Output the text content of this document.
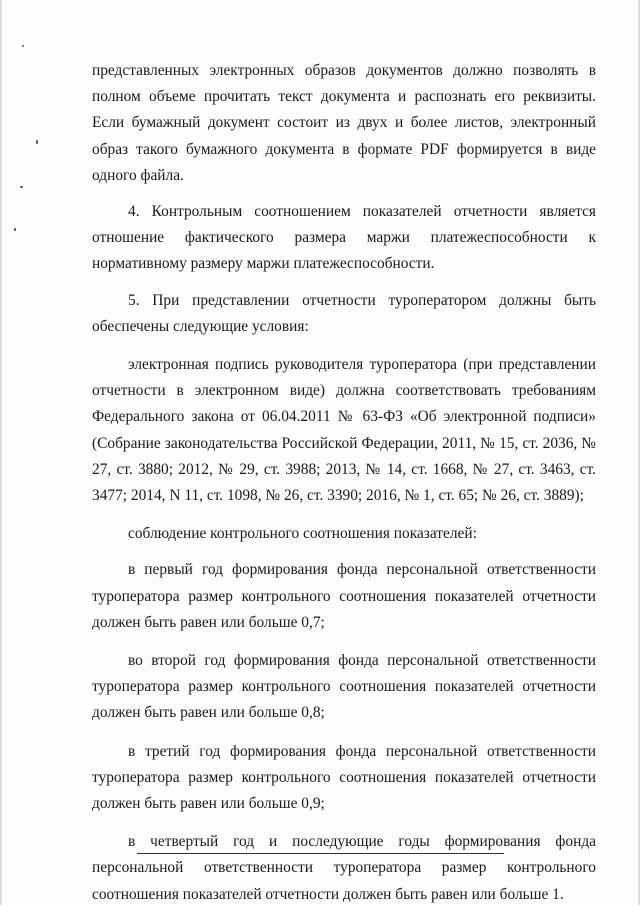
представленных электронных образов документов должно позволять в полном объеме прочитать текст документа и распознать его реквизиты. Если бумажный документ состоит из двух и более листов, электронный образ такого бумажного документа в формате PDF формируется в виде одного файла.

4. Контрольным соотношением показателей отчетности является отношение фактического размера маржи платежеспособности к нормативному размеру маржи платежеспособности.

5. При представлении отчетности туроператором должны быть обеспечены следующие условия:

электронная подпись руководителя туроператора (при представлении отчетности в электронном виде) должна соответствовать требованиям Федерального закона от 06.04.2011 № 63-ФЗ «Об электронной подписи» (Собрание законодательства Российской Федерации, 2011, № 15, ст. 2036, № 27, ст. 3880; 2012, № 29, ст. 3988; 2013, № 14, ст. 1668, № 27, ст. 3463, ст. 3477; 2014, N 11, ст. 1098, № 26, ст. 3390; 2016, № 1, ст. 65; № 26, ст. 3889);

соблюдение контрольного соотношения показателей:

в первый год формирования фонда персональной ответственности туроператора размер контрольного соотношения показателей отчетности должен быть равен или больше 0,7;

во второй год формирования фонда персональной ответственности туроператора размер контрольного соотношения показателей отчетности должен быть равен или больше 0,8;

в третий год формирования фонда персональной ответственности туроператора размер контрольного соотношения показателей отчетности должен быть равен или больше 0,9;

в четвертый год и последующие годы формирования фонда персональной ответственности туроператора размер контрольного соотношения показателей отчетности должен быть равен или больше 1.
